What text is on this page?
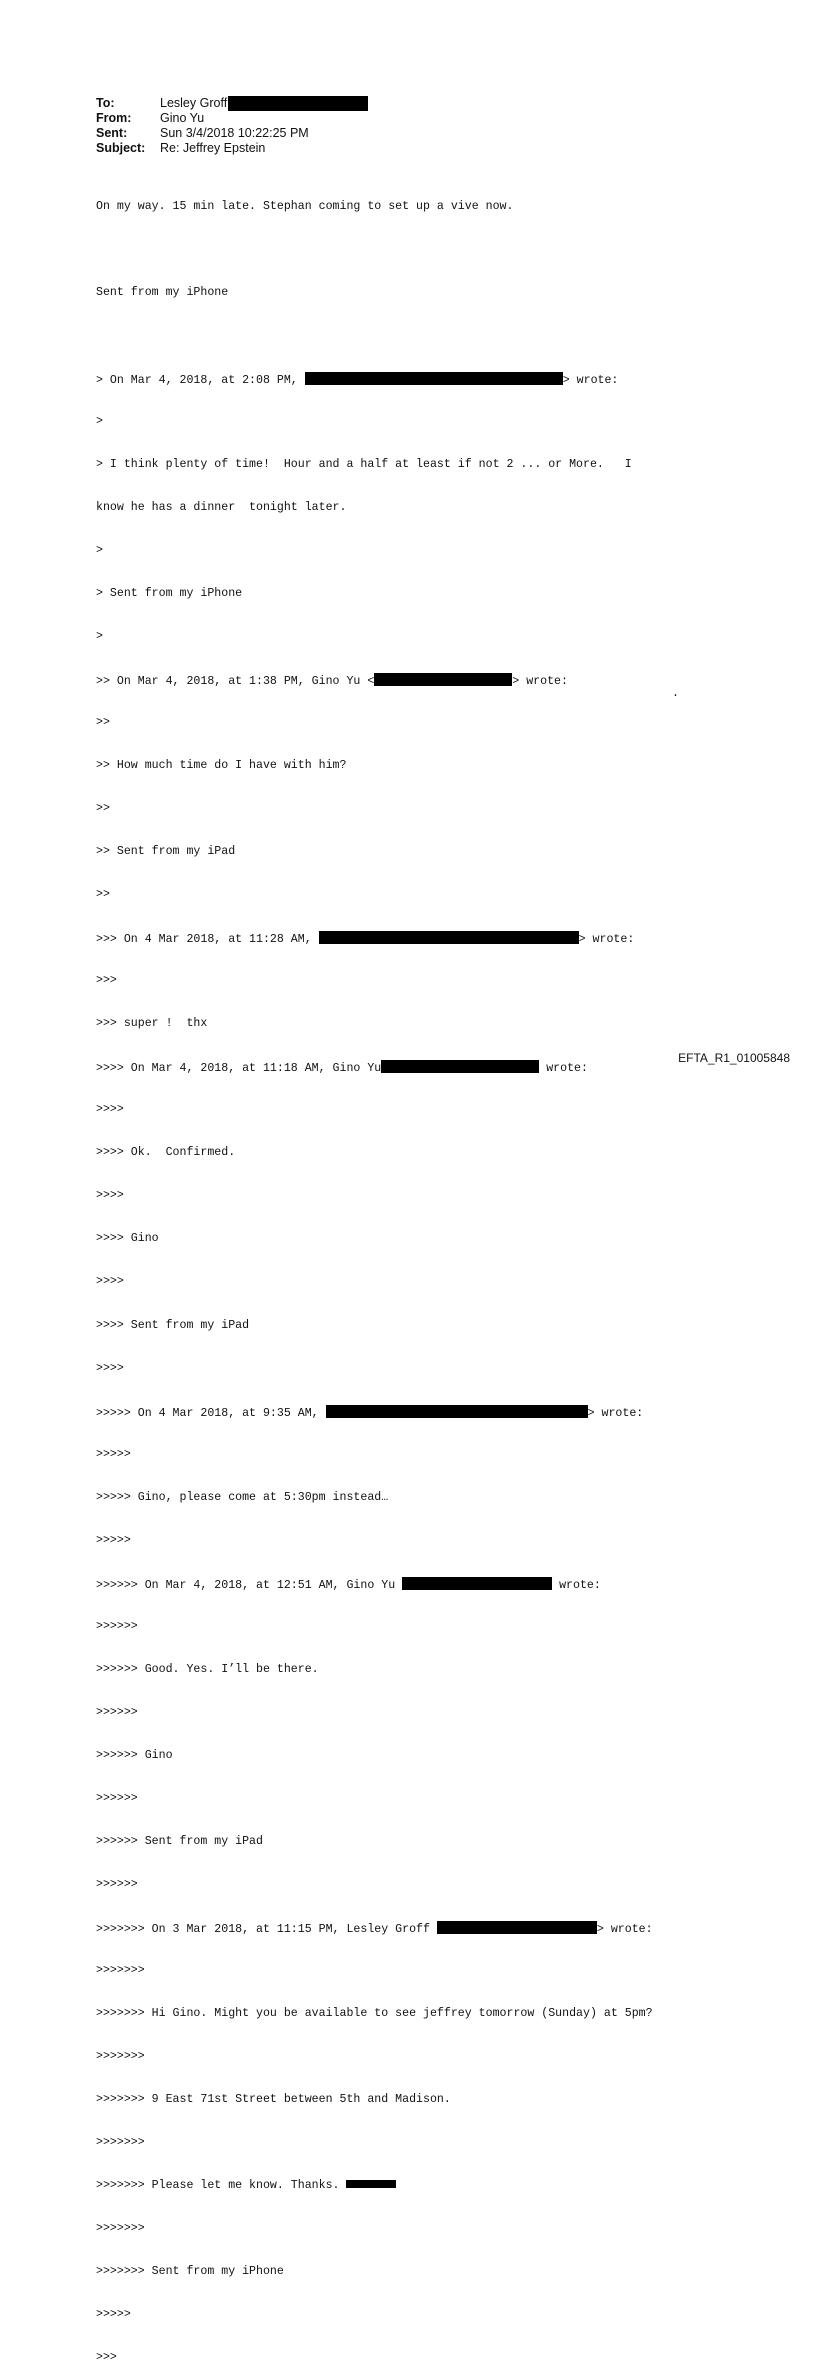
To:	Lesley Groff
From: Gino Yu
Sent:	Sun 3/4/2018 10:22:25 PM
Subject: Re: Jeffrey Epstein

On my way. 15 min late. Stephan coming to set up a vive now.

Sent from my iPhone

> On Mar 4, 2018, at 2:08 PM,	> wrote:

>

> I think plenty of time!  Hour and a half at least if not 2 ... or More.   I

know he has a dinner  tonight later.

>

> Sent from my iPhone

>

>> On Mar 4, 2018, at 1:38 PM, Gino Yu <	> wrote:

>>

>> How much time do I have with him?

>>

>> Sent from my iPad

>>

>>> On 4 Mar 2018, at 11:28 AM,	> wrote:

>>>

>>> super !  thx

>>>> On Mar 4, 2018, at 11:18 AM, Gino Yu	wrote:

>>>>

>>>> Ok.  Confirmed.

>>>>

>>>> Gino

>>>>

>>>> Sent from my iPad

>>>>

>>>>> On 4 Mar 2018, at 9:35 AM,	> wrote:

>>>>>

>>>>> Gino, please come at 5:30pm instead…

>>>>>

>>>>>> On Mar 4, 2018, at 12:51 AM, Gino Yu	wrote:

>>>>>>

>>>>>> Good. Yes. I’ll be there.

>>>>>>

>>>>>> Gino

>>>>>>

>>>>>> Sent from my iPad

>>>>>>

>>>>>>> On 3 Mar 2018, at 11:15 PM, Lesley Groff	> wrote:

>>>>>>>

>>>>>>> Hi Gino. Might you be available to see jeffrey tomorrow (Sunday) at 5pm?

>>>>>>>

>>>>>>> 9 East 71st Street between 5th and Madison.

>>>>>>>

>>>>>>> Please let me know. Thanks.

>>>>>>>

>>>>>>> Sent from my iPhone

>>>>>

>>>

.
EFTA_R1_01005848
